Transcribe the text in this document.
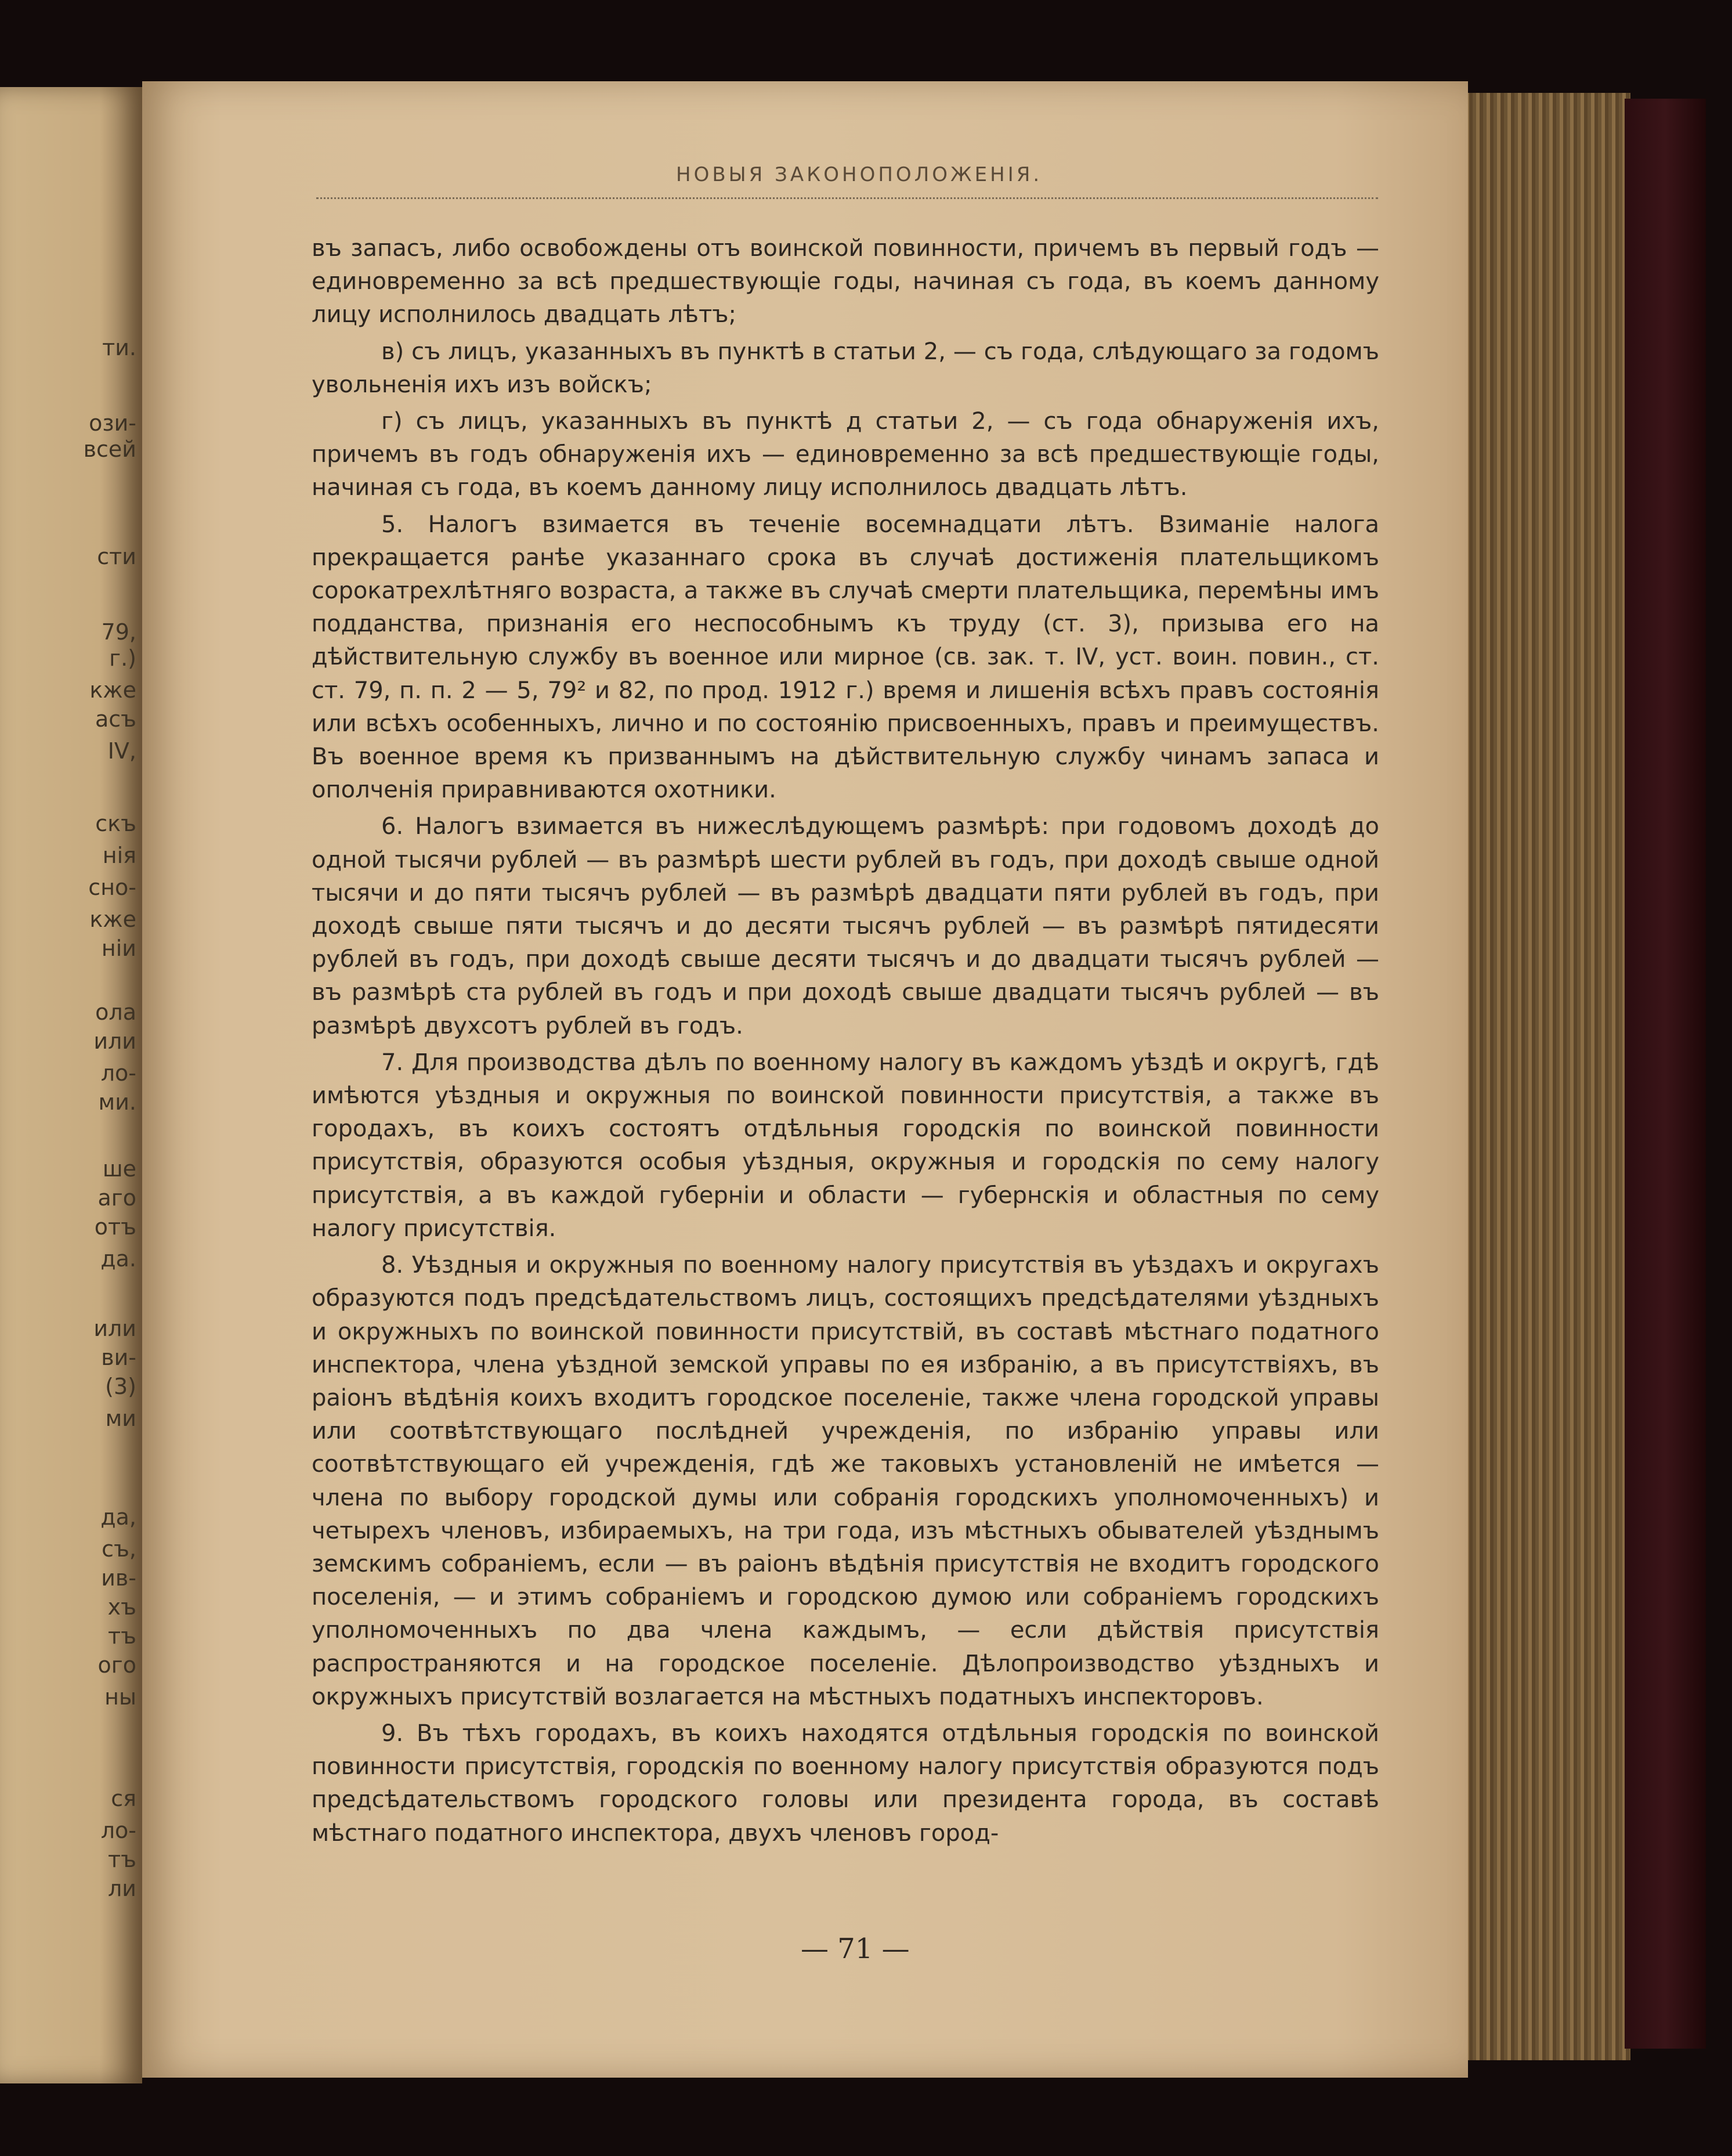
ти.
ози-
всей
сти
79,
г.)
кже
асъ
IV,
скъ
нія
сно-
кже
ніи
ола
или
ло-
ми.
ше
аго
отъ
да.
или
ви-
(3)
ми
да,
съ,
ив-
хъ
тъ
ого
ны
ся
ло-
тъ
ли
НОВЫЯ ЗАКОНОПОЛОЖЕНІЯ.

въ запасъ, либо освобождены отъ воинской повинности, причемъ въ первый годъ — единовременно за всѣ предшествующіе годы, начиная съ года, въ коемъ данному лицу исполнилось двадцать лѣтъ;

в) съ лицъ, указанныхъ въ пунктѣ в статьи 2, — съ года, слѣдующаго за годомъ увольненія ихъ изъ войскъ;

г) съ лицъ, указанныхъ въ пунктѣ д статьи 2, — съ года обнаруженія ихъ, причемъ въ годъ обнаруженія ихъ — единовременно за всѣ предшествующіе годы, начиная съ года, въ коемъ данному лицу исполнилось двадцать лѣтъ.

5. Налогъ взимается въ теченіе восемнадцати лѣтъ. Взиманіе налога прекращается ранѣе указаннаго срока въ случаѣ достиженія плательщикомъ сорокатрехлѣтняго возраста, а также въ случаѣ смерти плательщика, перемѣны имъ подданства, признанія его неспособнымъ къ труду (ст. 3), призыва его на дѣйствительную службу въ военное или мирное (св. зак. т. IV, уст. воин. повин., ст. ст. 79, п. п. 2 — 5, 79² и 82, по прод. 1912 г.) время и лишенія всѣхъ правъ состоянія или всѣхъ особенныхъ, лично и по состоянію присвоенныхъ, правъ и преимуществъ. Въ военное время къ призваннымъ на дѣйствительную службу чинамъ запаса и ополченія приравниваются охотники.

6. Налогъ взимается въ нижеслѣдующемъ размѣрѣ: при годовомъ доходѣ до одной тысячи рублей — въ размѣрѣ шести рублей въ годъ, при доходѣ свыше одной тысячи и до пяти тысячъ рублей — въ размѣрѣ двадцати пяти рублей въ годъ, при доходѣ свыше пяти тысячъ и до десяти тысячъ рублей — въ размѣрѣ пятидесяти рублей въ годъ, при доходѣ свыше десяти тысячъ и до двадцати тысячъ рублей — въ размѣрѣ ста рублей въ годъ и при доходѣ свыше двадцати тысячъ рублей — въ размѣрѣ двухсотъ рублей въ годъ.

7. Для производства дѣлъ по военному налогу въ каждомъ уѣздѣ и округѣ, гдѣ имѣются уѣздныя и окружныя по воинской повинности присутствія, а также въ городахъ, въ коихъ состоятъ отдѣльныя городскія по воинской повинности присутствія, образуются особыя уѣздныя, окружныя и городскія по сему налогу присутствія, а въ каждой губерніи и области — губернскія и областныя по сему налогу присутствія.

8. Уѣздныя и окружныя по военному налогу присутствія въ уѣздахъ и округахъ образуются подъ предсѣдательствомъ лицъ, состоящихъ предсѣдателями уѣздныхъ и окружныхъ по воинской повинности присутствій, въ составѣ мѣстнаго податного инспектора, члена уѣздной земской управы по ея избранію, а въ присутствіяхъ, въ раіонъ вѣдѣнія коихъ входитъ городское поселеніе, также члена городской управы или соотвѣтствующаго послѣдней учрежденія, по избранію управы или соотвѣтствующаго ей учрежденія, гдѣ же таковыхъ установленій не имѣется — члена по выбору городской думы или собранія городскихъ уполномоченныхъ) и четырехъ членовъ, избираемыхъ, на три года, изъ мѣстныхъ обывателей уѣзднымъ земскимъ собраніемъ, если — въ раіонъ вѣдѣнія присутствія не входитъ городского поселенія, — и этимъ собраніемъ и городскою думою или собраніемъ городскихъ уполномоченныхъ по два члена каждымъ, — если дѣйствія присутствія распространяются и на городское поселеніе. Дѣлопроизводство уѣздныхъ и окружныхъ присутствій возлагается на мѣстныхъ податныхъ инспекторовъ.

9. Въ тѣхъ городахъ, въ коихъ находятся отдѣльныя городскія по воинской повинности присутствія, городскія по военному налогу присутствія образуются подъ предсѣдательствомъ городского головы или президента города, въ составѣ мѣстнаго податного инспектора, двухъ членовъ город-

— 71 —
